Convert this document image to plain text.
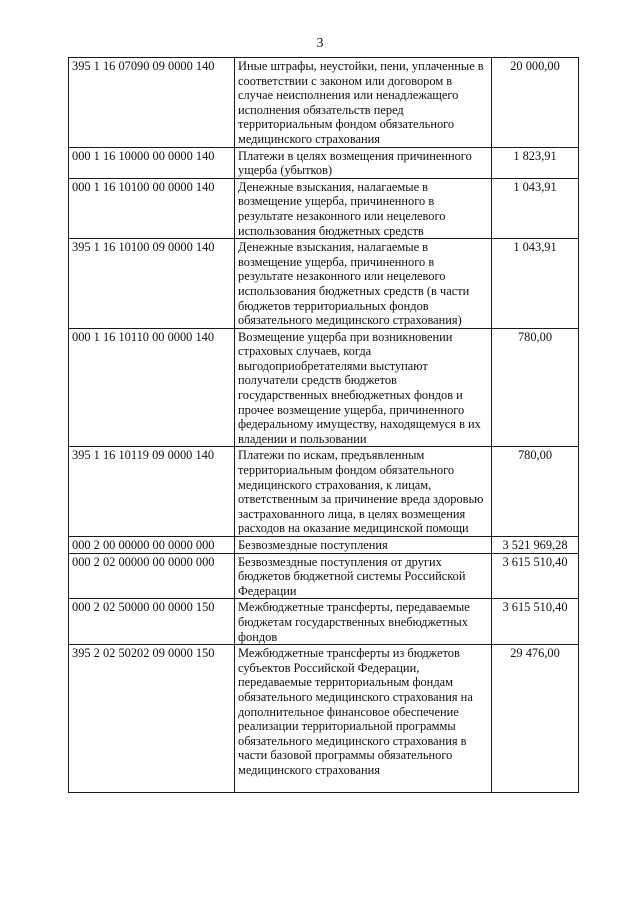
3
395 1 16 07090 09 0000 140	Иные штрафы, неустойки, пени, уплаченные в соответствии с законом или договором в случае неисполнения или ненадлежащего исполнения обязательств перед территориальным фондом обязательного медицинского страхования	20 000,00
000 1 16 10000 00 0000 140	Платежи в целях возмещения причиненного ущерба (убытков)	1 823,91
000 1 16 10100 00 0000 140	Денежные взыскания, налагаемые в возмещение ущерба, причиненного в результате незаконного или нецелевого использования бюджетных средств	1 043,91
395 1 16 10100 09 0000 140	Денежные взыскания, налагаемые в возмещение ущерба, причиненного в результате незаконного или нецелевого использования бюджетных средств (в части бюджетов территориальных фондов обязательного медицинского страхования)	1 043,91
000 1 16 10110 00 0000 140	Возмещение ущерба при возникновении страховых случаев, когда выгодоприобретателями выступают получатели средств бюджетов государственных внебюджетных фондов и прочее возмещение ущерба, причиненного федеральному имуществу, находящемуся в их владении и пользовании	780,00
395 1 16 10119 09 0000 140	Платежи по искам, предъявленным территориальным фондом обязательного медицинского страхования, к лицам, ответственным за причинение вреда здоровью застрахованного лица, в целях возмещения расходов на оказание медицинской помощи	780,00
000 2 00 00000 00 0000 000	Безвозмездные поступления	3 521 969,28
000 2 02 00000 00 0000 000	Безвозмездные поступления от других бюджетов бюджетной системы Российской Федерации	3 615 510,40
000 2 02 50000 00 0000 150	Межбюджетные трансферты, передаваемые бюджетам государственных внебюджетных фондов	3 615 510,40
395 2 02 50202 09 0000 150	Межбюджетные трансферты из бюджетов субъектов Российской Федерации, передаваемые территориальным фондам обязательного медицинского страхования на дополнительное финансовое обеспечение реализации территориальной программы обязательного медицинского страхования в части базовой программы обязательного медицинского страхования	29 476,00
